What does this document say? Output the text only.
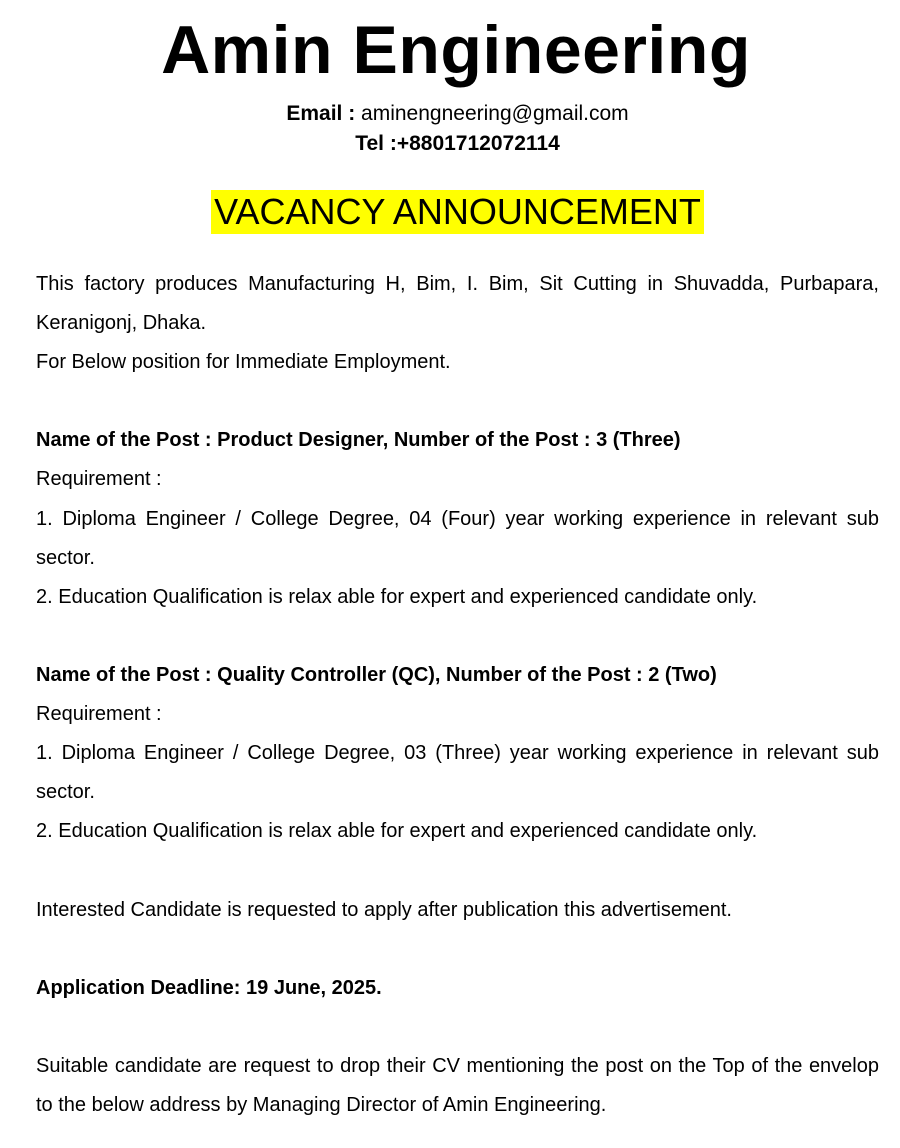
Amin Engineering
Email : aminengneering@gmail.com
Tel :+8801712072114
VACANCY ANNOUNCEMENT

This factory produces Manufacturing H, Bim, I. Bim, Sit Cutting in Shuvadda, Purbapara, Keranigonj, Dhaka.

For Below position for Immediate Employment.

Name of the Post : Product Designer, Number of the Post : 3 (Three)

Requirement :

1. Diploma Engineer / College Degree, 04 (Four) year working experience in relevant sub sector.

2. Education Qualification is relax able for expert and experienced candidate only.

Name of the Post : Quality Controller (QC), Number of the Post : 2 (Two)

Requirement :

1. Diploma Engineer / College Degree, 03 (Three) year working experience in relevant sub sector.

2. Education Qualification is relax able for expert and experienced candidate only.

Interested Candidate is requested to apply after publication this advertisement.

Application Deadline: 19 June, 2025.

Suitable candidate are request to drop their CV mentioning the post on the Top of the envelop to the below address by Managing Director of Amin Engineering.
